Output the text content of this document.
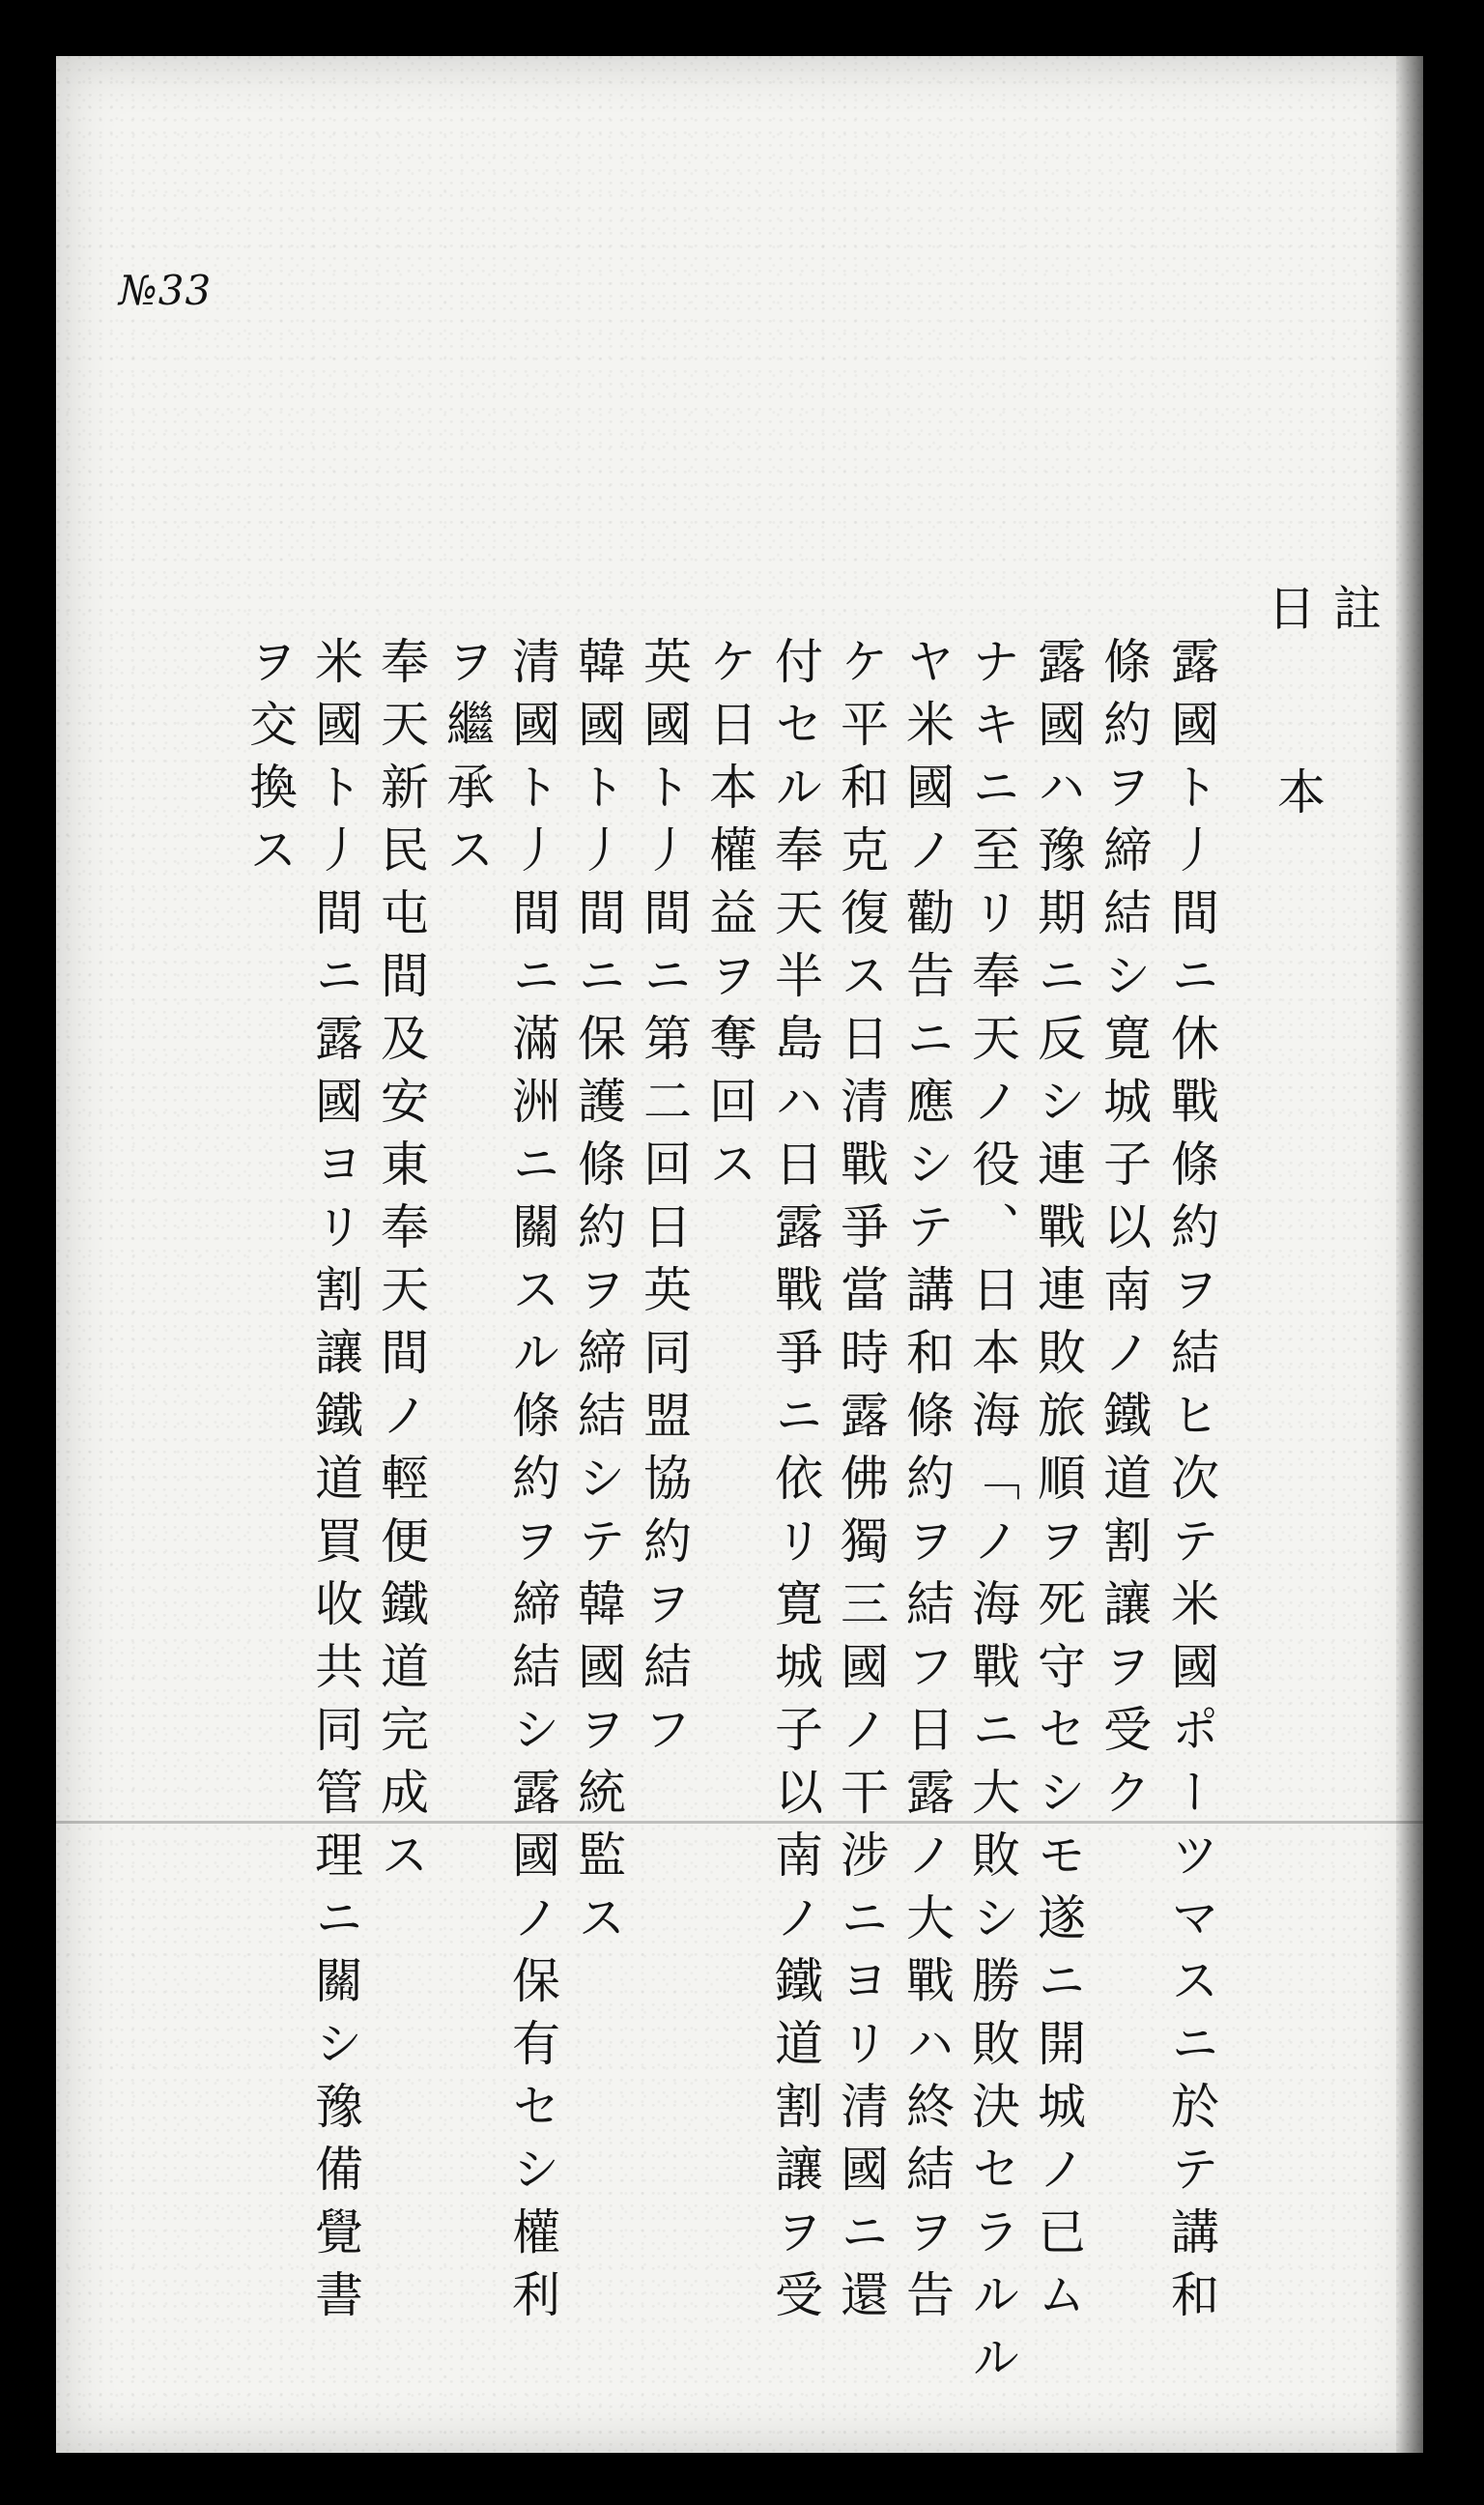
№33
註
日
本
露國ト丿間ニ休戰條約ヲ結ヒ次テ米國ポーツマスニ於テ講和
條約ヲ締結シ寛城子以南ノ鐵道割讓ヲ受ク
露國ハ豫期ニ反シ連戰連敗旅順ヲ死守セシモ遂ニ開城ノ已ム
ナキニ至リ奉天ノ役、日本海「ノ海戰ニ大敗シ勝敗決セラルル
ヤ米國ノ勸告ニ應シテ講和條約ヲ結フ日露ノ大戰ハ終結ヲ告
ケ平和克復ス日清戰爭當時露佛獨三國ノ干涉ニヨリ清國ニ還
付セル奉天半島ハ日露戰爭ニ依リ寛城子以南ノ鐵道割讓ヲ受
ケ日本權益ヲ奪回ス
英國ト丿間ニ第二回日英同盟協約ヲ結フ
韓國ト丿間ニ保護條約ヲ締結シテ韓國ヲ統監ス
清國ト丿間ニ滿洲ニ關スル條約ヲ締結シ露國ノ保有セシ權利
ヲ繼承ス
奉天新民屯間及安東奉天間ノ輕便鐵道完成ス
米國ト丿間ニ露國ヨリ割讓鐵道買收共同管理ニ關シ豫備覺書
ヲ交換ス
